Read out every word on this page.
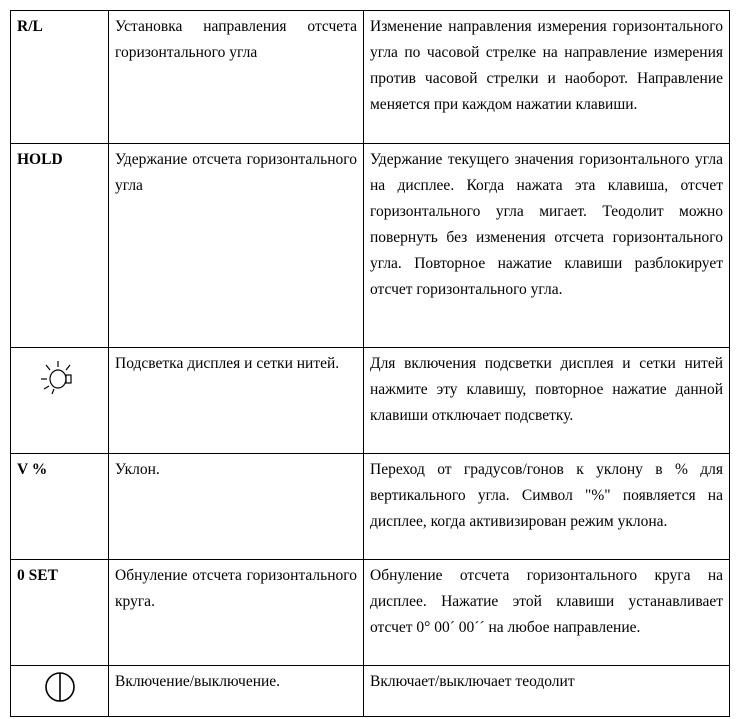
R/L	Установка направления отсчета горизонтального угла	Изменение направления измерения горизонтального угла по часовой стрелке на направление измерения против часовой стрелки и наоборот. Направление меняется при каждом нажатии клавиши.
HOLD	Удержание отсчета горизонтального угла	Удержание текущего значения горизонтального угла на дисплее. Когда нажата эта клавиша, отсчет горизонтального угла мигает. Теодолит можно повернуть без изменения отсчета горизонтального угла. Повторное нажатие клавиши разблокирует отсчет горизонтального угла.
	Подсветка дисплея и сетки нитей.	Для включения подсветки дисплея и сетки нитей нажмите эту клавишу, повторное нажатие данной клавиши отключает подсветку.
V %	Уклон.	Переход от градусов/гонов к уклону в % для вертикального угла. Символ "%" появляется на дисплее, когда активизирован режим уклона.
0 SET	Обнуление отсчета горизонтального круга.	Обнуление отсчета горизонтального круга на дисплее. Нажатие этой клавиши устанавливает отсчет 0° 00´ 00´´ на любое направление.
	Включение/выключение.	Включает/выключает теодолит
